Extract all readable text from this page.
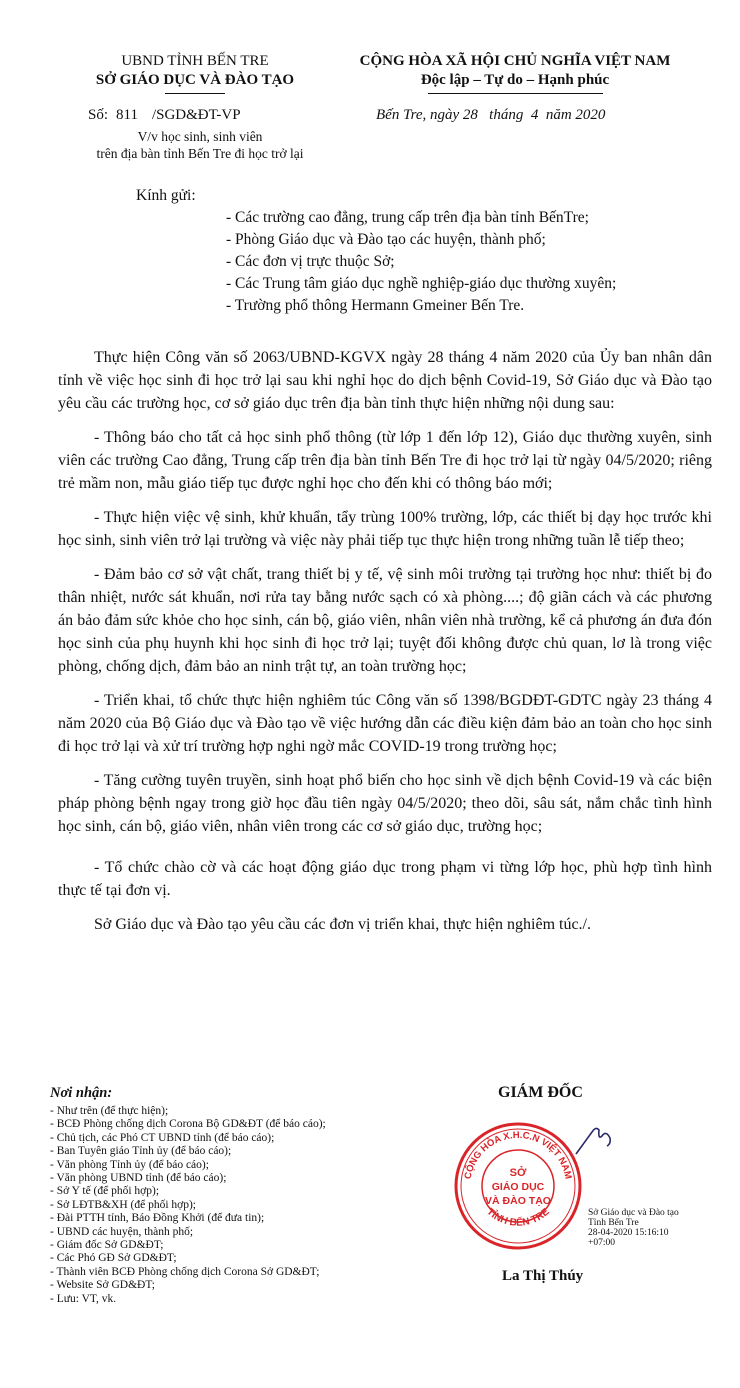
UBND TỈNH BẾN TRE
SỞ GIÁO DỤC VÀ ĐÀO TẠO
CỘNG HÒA XÃ HỘI CHỦ NGHĨA VIỆT NAM
Độc lập – Tự do – Hạnh phúc
Số: 811 /SGD&ĐT-VP	Bến Tre, ngày 28   tháng  4  năm 2020
V/v học sinh, sinh viên
trên địa bàn tỉnh Bến Tre đi học trở lại
Kính gửi:
- Các trường cao đẳng, trung cấp trên địa bàn tỉnh BếnTre;
- Phòng Giáo dục và Đào tạo các huyện, thành phố;
- Các đơn vị trực thuộc Sở;
- Các Trung tâm giáo dục nghề nghiệp-giáo dục thường xuyên;
- Trường phổ thông Hermann Gmeiner Bến Tre.

Thực hiện Công văn số 2063/UBND-KGVX ngày 28 tháng 4 năm 2020 của Ủy ban nhân dân tỉnh về việc học sinh đi học trở lại sau khi nghỉ học do dịch bệnh Covid-19, Sở Giáo dục và Đào tạo yêu cầu các trường học, cơ sở giáo dục trên địa bàn tỉnh thực hiện những nội dung sau:

- Thông báo cho tất cả học sinh phổ thông (từ lớp 1 đến lớp 12), Giáo dục thường xuyên, sinh viên các trường Cao đẳng, Trung cấp trên địa bàn tỉnh Bến Tre đi học trở lại từ ngày 04/5/2020; riêng trẻ mầm non, mẫu giáo tiếp tục được nghỉ học cho đến khi có thông báo mới;

- Thực hiện việc vệ sinh, khử khuẩn, tẩy trùng 100% trường, lớp, các thiết bị dạy học trước khi học sinh, sinh viên trở lại trường và việc này phải tiếp tục thực hiện trong những tuần lễ tiếp theo;

- Đảm bảo cơ sở vật chất, trang thiết bị y tế, vệ sinh môi trường tại trường học như: thiết bị đo thân nhiệt, nước sát khuẩn, nơi rửa tay bằng nước sạch có xà phòng....; độ giãn cách và các phương án bảo đảm sức khỏe cho học sinh, cán bộ, giáo viên, nhân viên nhà trường, kể cả phương án đưa đón học sinh của phụ huynh khi học sinh đi học trở lại; tuyệt đối không được chủ quan, lơ là trong việc phòng, chống dịch, đảm bảo an ninh trật tự, an toàn trường học;

- Triển khai, tổ chức thực hiện nghiêm túc Công văn số 1398/BGDĐT-GDTC ngày 23 tháng 4 năm 2020 của Bộ Giáo dục và Đào tạo về việc hướng dẫn các điều kiện đảm bảo an toàn cho học sinh đi học trở lại và xử trí trường hợp nghi ngờ mắc COVID-19 trong trường học;

- Tăng cường tuyên truyền, sinh hoạt phổ biến cho học sinh về dịch bệnh Covid-19 và các biện pháp phòng bệnh ngay trong giờ học đầu tiên ngày 04/5/2020; theo dõi, sâu sát, nắm chắc tình hình học sinh, cán bộ, giáo viên, nhân viên trong các cơ sở giáo dục, trường học;

- Tổ chức chào cờ và các hoạt động giáo dục trong phạm vi từng lớp học, phù hợp tình hình thực tế tại đơn vị.

Sở Giáo dục và Đào tạo yêu cầu các đơn vị triển khai, thực hiện nghiêm túc./.

Nơi nhận:
- Như trên (để thực hiện);
- BCĐ Phòng chống dịch Corona Bộ GD&ĐT (để báo cáo);
- Chủ tịch, các Phó CT UBND tỉnh (để báo cáo);
- Ban Tuyên giáo Tỉnh ủy (để báo cáo);
- Văn phòng Tỉnh ủy (để báo cáo);
- Văn phòng UBND tỉnh (để báo cáo);
- Sở Y tế (để phối hợp);
- Sở LĐTB&XH (để phối hợp);
- Đài PTTH tỉnh, Báo Đồng Khởi (để đưa tin);
- UBND các huyện, thành phố;
- Giám đốc Sở GD&ĐT;
- Các Phó GĐ Sở GD&ĐT;
- Thành viên BCĐ Phòng chống dịch Corona Sở GD&ĐT;
- Website Sở GD&ĐT;
- Lưu: VT, vk.
GIÁM ĐỐC
CỘNG HÒA X.H.C.N VIỆT NAM
TỈNH BẾN TRE
SỞ
GIÁO DỤC
VÀ ĐÀO TẠO
Sở Giáo dục và Đào tạo
Tỉnh Bến Tre
28-04-2020 15:16:10
+07:00
La Thị Thúy
